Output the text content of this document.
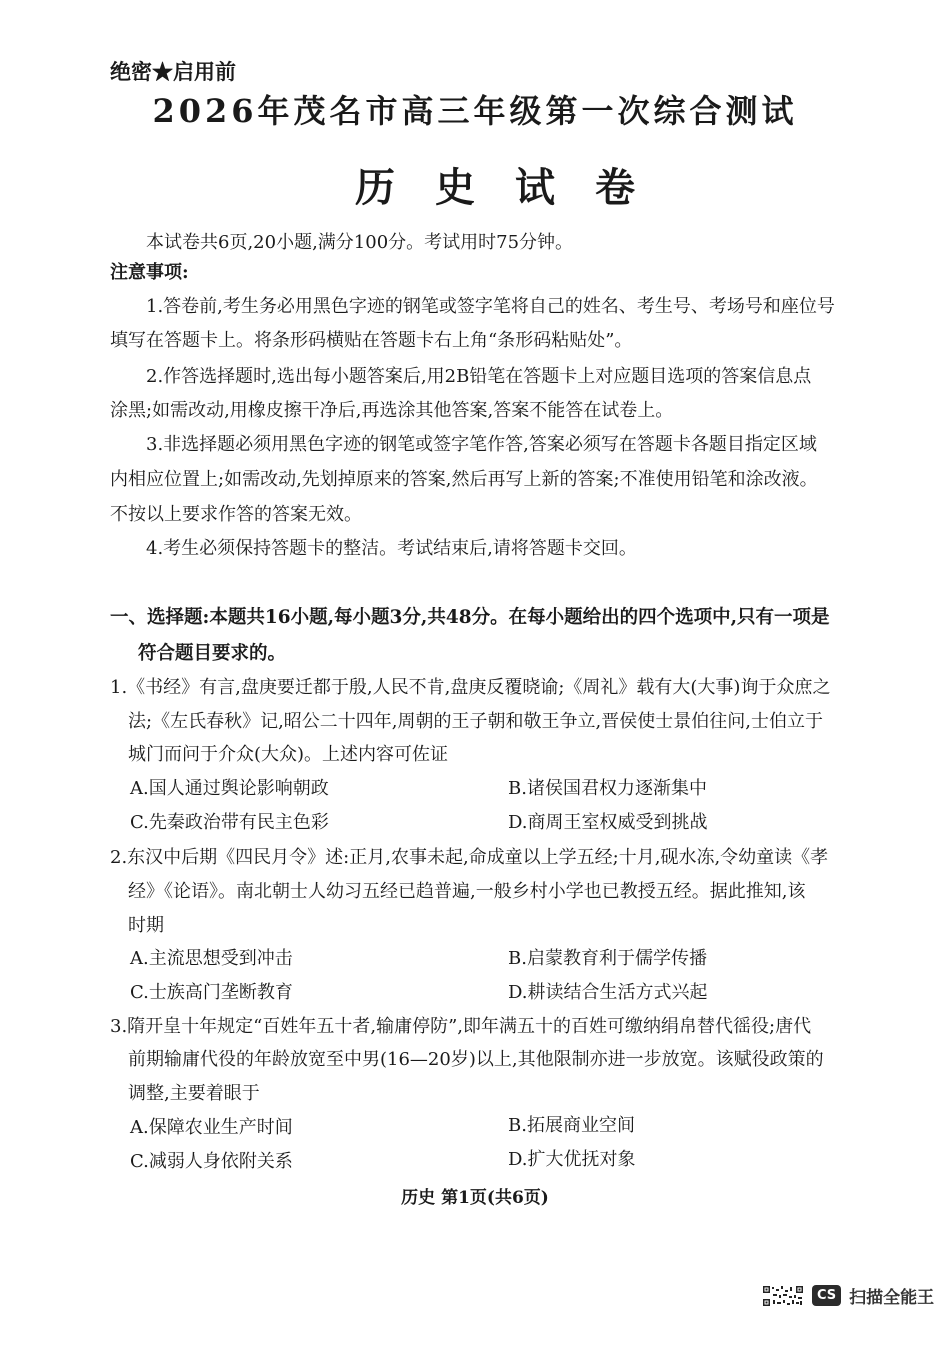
绝密★启用前
2026年茂名市高三年级第一次综合测试
历史试卷
本试卷共6页,20小题,满分100分。考试用时75分钟。
注意事项:
1.答卷前,考生务必用黑色字迹的钢笔或签字笔将自己的姓名、考生号、考场号和座位号
填写在答题卡上。将条形码横贴在答题卡右上角“条形码粘贴处”。
2.作答选择题时,选出每小题答案后,用2B铅笔在答题卡上对应题目选项的答案信息点
涂黑;如需改动,用橡皮擦干净后,再选涂其他答案,答案不能答在试卷上。
3.非选择题必须用黑色字迹的钢笔或签字笔作答,答案必须写在答题卡各题目指定区域
内相应位置上;如需改动,先划掉原来的答案,然后再写上新的答案;不准使用铅笔和涂改液。
不按以上要求作答的答案无效。
4.考生必须保持答题卡的整洁。考试结束后,请将答题卡交回。
一、选择题:本题共16小题,每小题3分,共48分。在每小题给出的四个选项中,只有一项是
符合题目要求的。
1.《书经》有言,盘庚要迁都于殷,人民不肯,盘庚反覆晓谕;《周礼》载有大(大事)询于众庶之
法;《左氏春秋》记,昭公二十四年,周朝的王子朝和敬王争立,晋侯使士景伯往问,士伯立于
城门而问于介众(大众)。上述内容可佐证
A.国人通过舆论影响朝政	B.诸侯国君权力逐渐集中
C.先秦政治带有民主色彩	D.商周王室权威受到挑战
2.东汉中后期《四民月令》述:正月,农事未起,命成童以上学五经;十月,砚水冻,令幼童读《孝
经》《论语》。南北朝士人幼习五经已趋普遍,一般乡村小学也已教授五经。据此推知,该
时期
A.主流思想受到冲击	B.启蒙教育利于儒学传播
C.士族高门垄断教育	D.耕读结合生活方式兴起
3.隋开皇十年规定“百姓年五十者,输庸停防”,即年满五十的百姓可缴纳绢帛替代徭役;唐代
前期输庸代役的年龄放宽至中男(16—20岁)以上,其他限制亦进一步放宽。该赋役政策的
调整,主要着眼于
A.保障农业生产时间	B.拓展商业空间
C.减弱人身依附关系	D.扩大优抚对象
历史 第1页(共6页)
CS 扫描全能王
